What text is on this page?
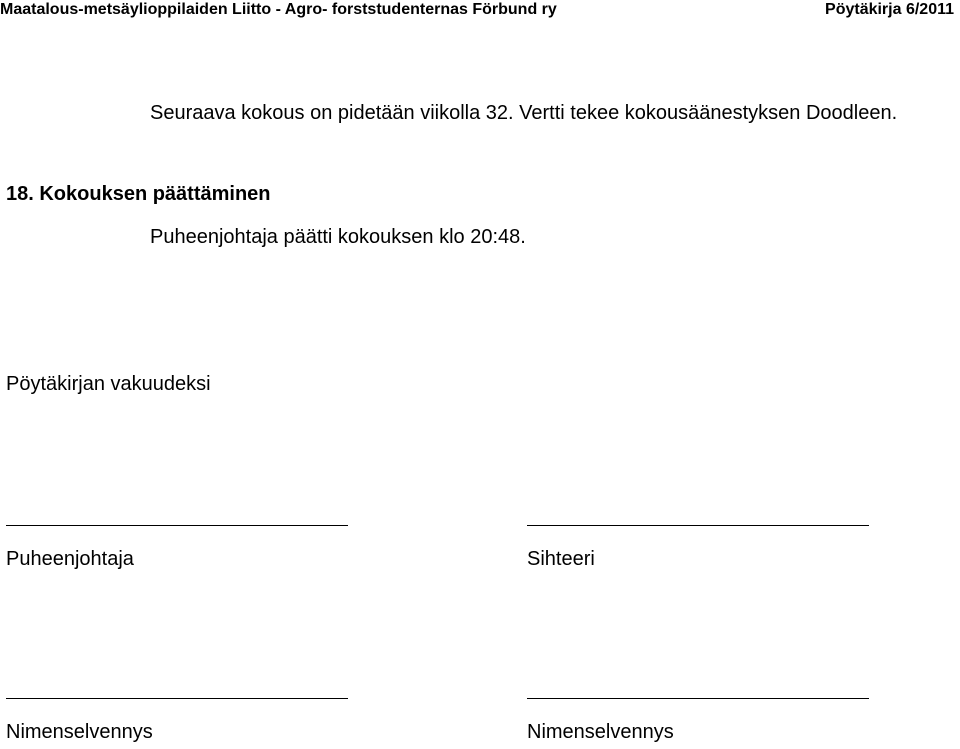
Maatalous-metsäylioppilaiden Liitto - Agro- forststudenternas Förbund ry	Pöytäkirja 6/2011
Seuraava kokous on pidetään viikolla 32. Vertti tekee kokousäänestyksen Doodleen.
18. Kokouksen päättäminen
Puheenjohtaja päätti kokouksen klo 20:48.
Pöytäkirjan vakuudeksi
Puheenjohtaja	Sihteeri
Nimenselvennys	Nimenselvennys
